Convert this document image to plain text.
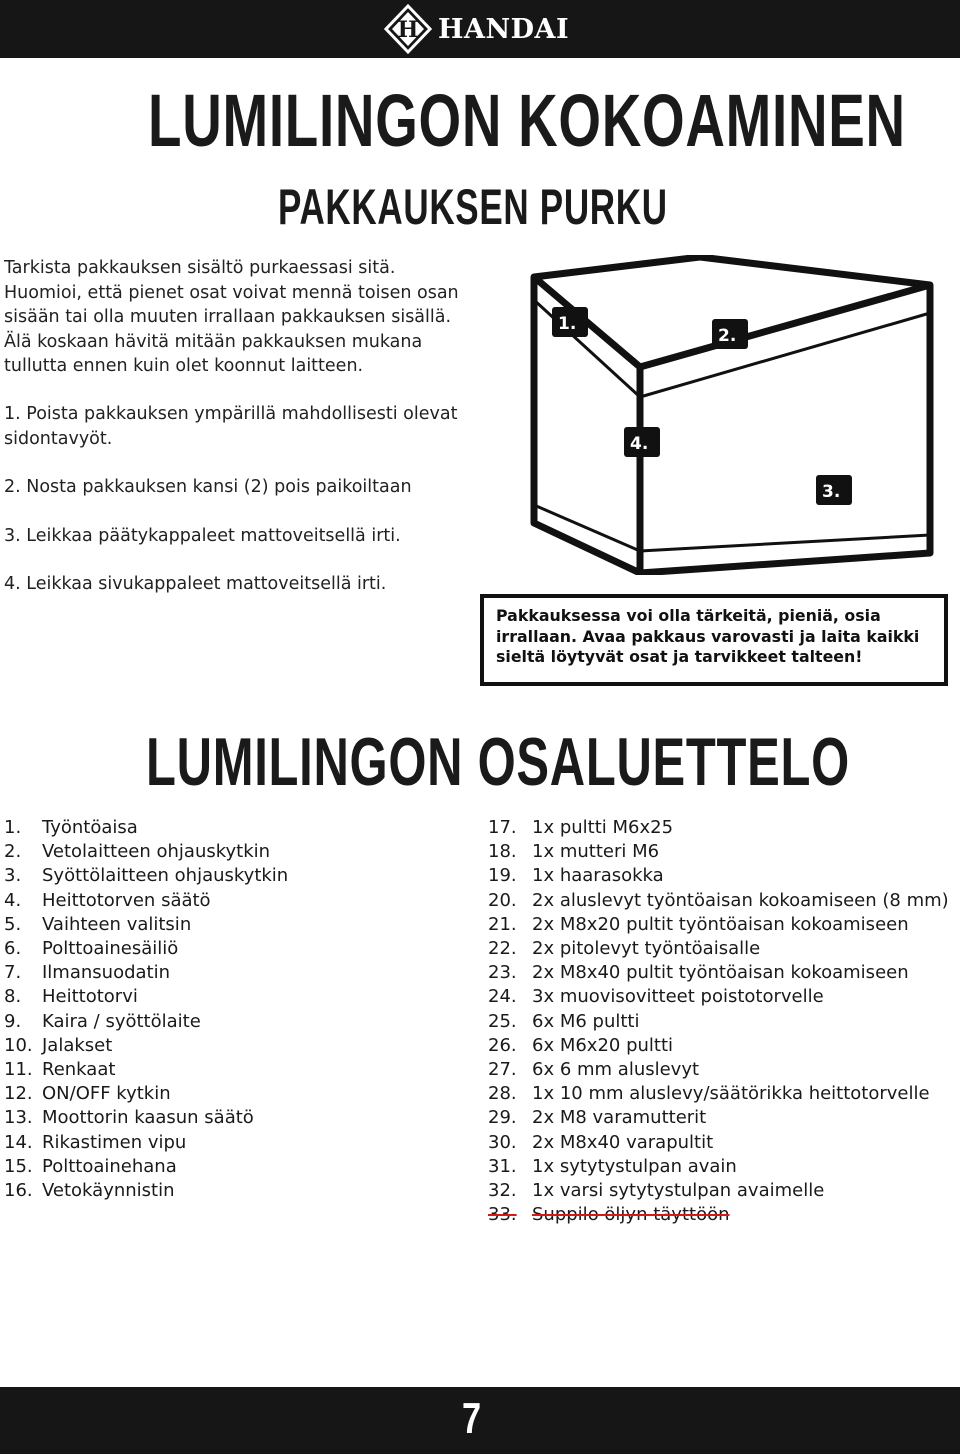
H HANDAI
LUMILINGON KOKOAMINEN
PAKKAUKSEN PURKU

Tarkista pakkauksen sisältö purkaessasi sitä. Huomioi, että pienet osat voivat mennä toisen osan sisään tai olla muuten irrallaan pakkauksen sisällä. Älä koskaan hävitä mitään pakkauksen mukana tullutta ennen kuin olet koonnut laitteen.

1. Poista pakkauksen ympärillä mahdollisesti olevat sidontavyöt.

2. Nosta pakkauksen kansi (2) pois paikoiltaan

3. Leikkaa päätykappaleet mattoveitsellä irti.

4. Leikkaa sivukappaleet mattoveitsellä irti.

1.
2.
4.
3.
Pakkauksessa voi olla tärkeitä, pieniä, osia irrallaan. Avaa pakkaus varovasti ja laita kaikki sieltä löytyvät osat ja tarvikkeet talteen!
LUMILINGON OSALUETTELO
1.	Työntöaisa
2.	Vetolaitteen ohjauskytkin
3.	Syöttölaitteen ohjauskytkin
4.	Heittotorven säätö
5.	Vaihteen valitsin
6.	Polttoainesäiliö
7.	Ilmansuodatin
8.	Heittotorvi
9.	Kaira / syöttölaite
10. Jalakset
11. Renkaat
12. ON/OFF kytkin
13. Moottorin kaasun säätö
14. Rikastimen vipu
15. Polttoainehana
16. Vetokäynnistin
17. 1x pultti M6x25
18. 1x mutteri M6
19. 1x haarasokka
20. 2x aluslevyt työntöaisan kokoamiseen (8 mm)
21. 2x M8x20 pultit työntöaisan kokoamiseen
22. 2x pitolevyt työntöaisalle
23. 2x M8x40 pultit työntöaisan kokoamiseen
24. 3x muovisovitteet poistotorvelle
25. 6x M6 pultti
26. 6x M6x20 pultti
27. 6x 6 mm aluslevyt
28. 1x 10 mm aluslevy/säätörikka heittotorvelle
29. 2x M8 varamutterit
30. 2x M8x40 varapultit
31. 1x sytytystulpan avain
32. 1x varsi sytytystulpan avaimelle
33. Suppilo öljyn täyttöön
7
